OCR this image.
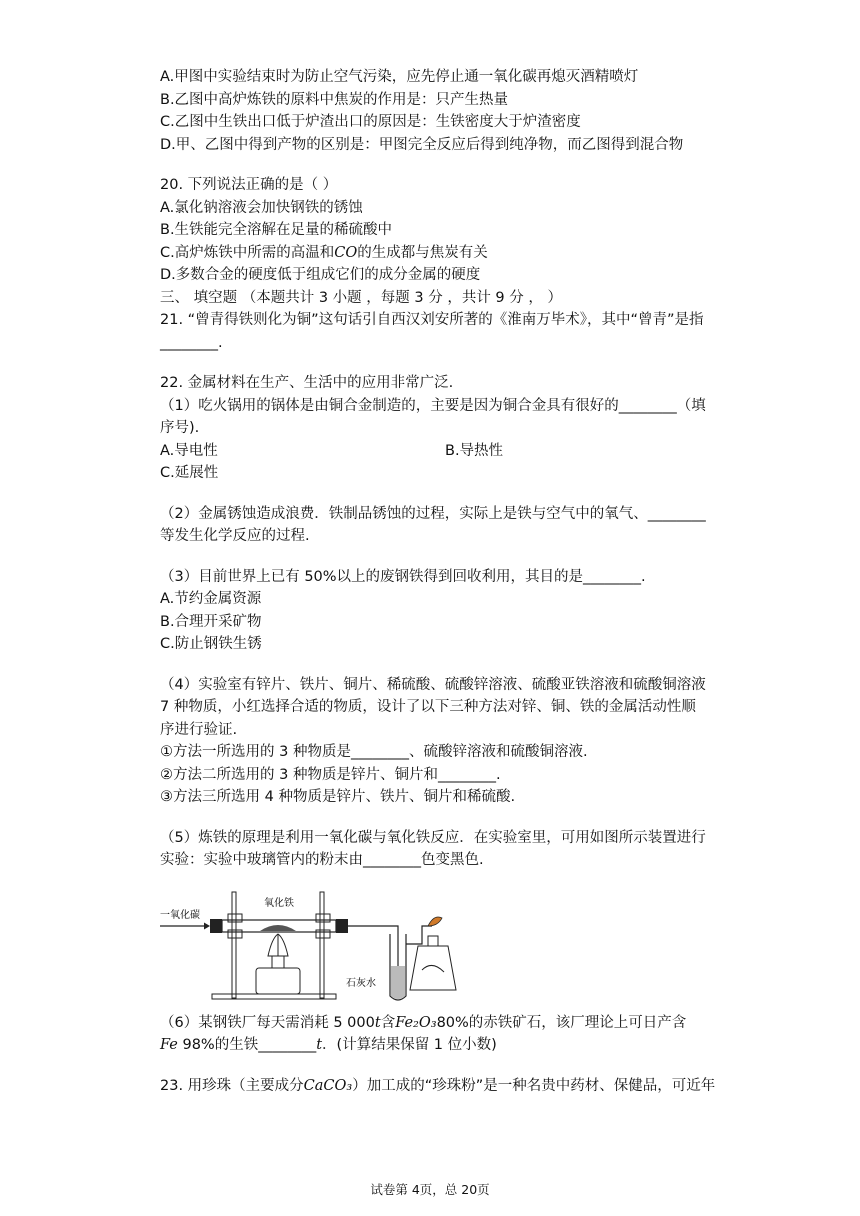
A.甲图中实验结束时为防止空气污染，应先停止通一氧化碳再熄灭酒精喷灯
B.乙图中高炉炼铁的原料中焦炭的作用是：只产生热量
C.乙图中生铁出口低于炉渣出口的原因是：生铁密度大于炉渣密度
D.甲、乙图中得到产物的区别是：甲图完全反应后得到纯净物，而乙图得到混合物
20. 下列说法正确的是（ ）
A.氯化钠溶液会加快钢铁的锈蚀
B.生铁能完全溶解在足量的稀硫酸中
C.高炉炼铁中所需的高温和CO的生成都与焦炭有关
D.多数合金的硬度低于组成它们的成分金属的硬度
三、 填空题 （本题共计 3 小题 ，每题 3 分 ，共计 9 分 ， ）
21. “曾青得铁则化为铜”这句话引自西汉刘安所著的《淮南万毕术》，其中“曾青”是指
________.
22. 金属材料在生产、生活中的应用非常广泛.
（1）吃火锅用的锅体是由铜合金制造的，主要是因为铜合金具有很好的________（填
序号).
A.导电性	B.导热性
C.延展性
（2）金属锈蚀造成浪费．铁制品锈蚀的过程，实际上是铁与空气中的氧气、________
等发生化学反应的过程.
（3）目前世界上已有 50%以上的废钢铁得到回收利用，其目的是________.
A.节约金属资源
B.合理开采矿物
C.防止钢铁生锈
（4）实验室有锌片、铁片、铜片、稀硫酸、硫酸锌溶液、硫酸亚铁溶液和硫酸铜溶液
7 种物质，小红选择合适的物质，设计了以下三种方法对锌、铜、铁的金属活动性顺
序进行验证.
①方法一所选用的 3 种物质是________、硫酸锌溶液和硫酸铜溶液.
②方法二所选用的 3 种物质是锌片、铜片和________.
③方法三所选用 4 种物质是锌片、铁片、铜片和稀硫酸.
（5）炼铁的原理是利用一氧化碳与氧化铁反应．在实验室里，可用如图所示装置进行
实验：实验中玻璃管内的粉末由________色变黑色.
一氧化碳
氧化铁
石灰水
（6）某钢铁厂每天需消耗 5 000t含Fe₂O₃80%的赤铁矿石，该厂理论上可日产含
Fe 98%的生铁________t．(计算结果保留 1 位小数)
23. 用珍珠（主要成分CaCO₃）加工成的“珍珠粉”是一种名贵中药材、保健品，可近年
试卷第 4页，总 20页
